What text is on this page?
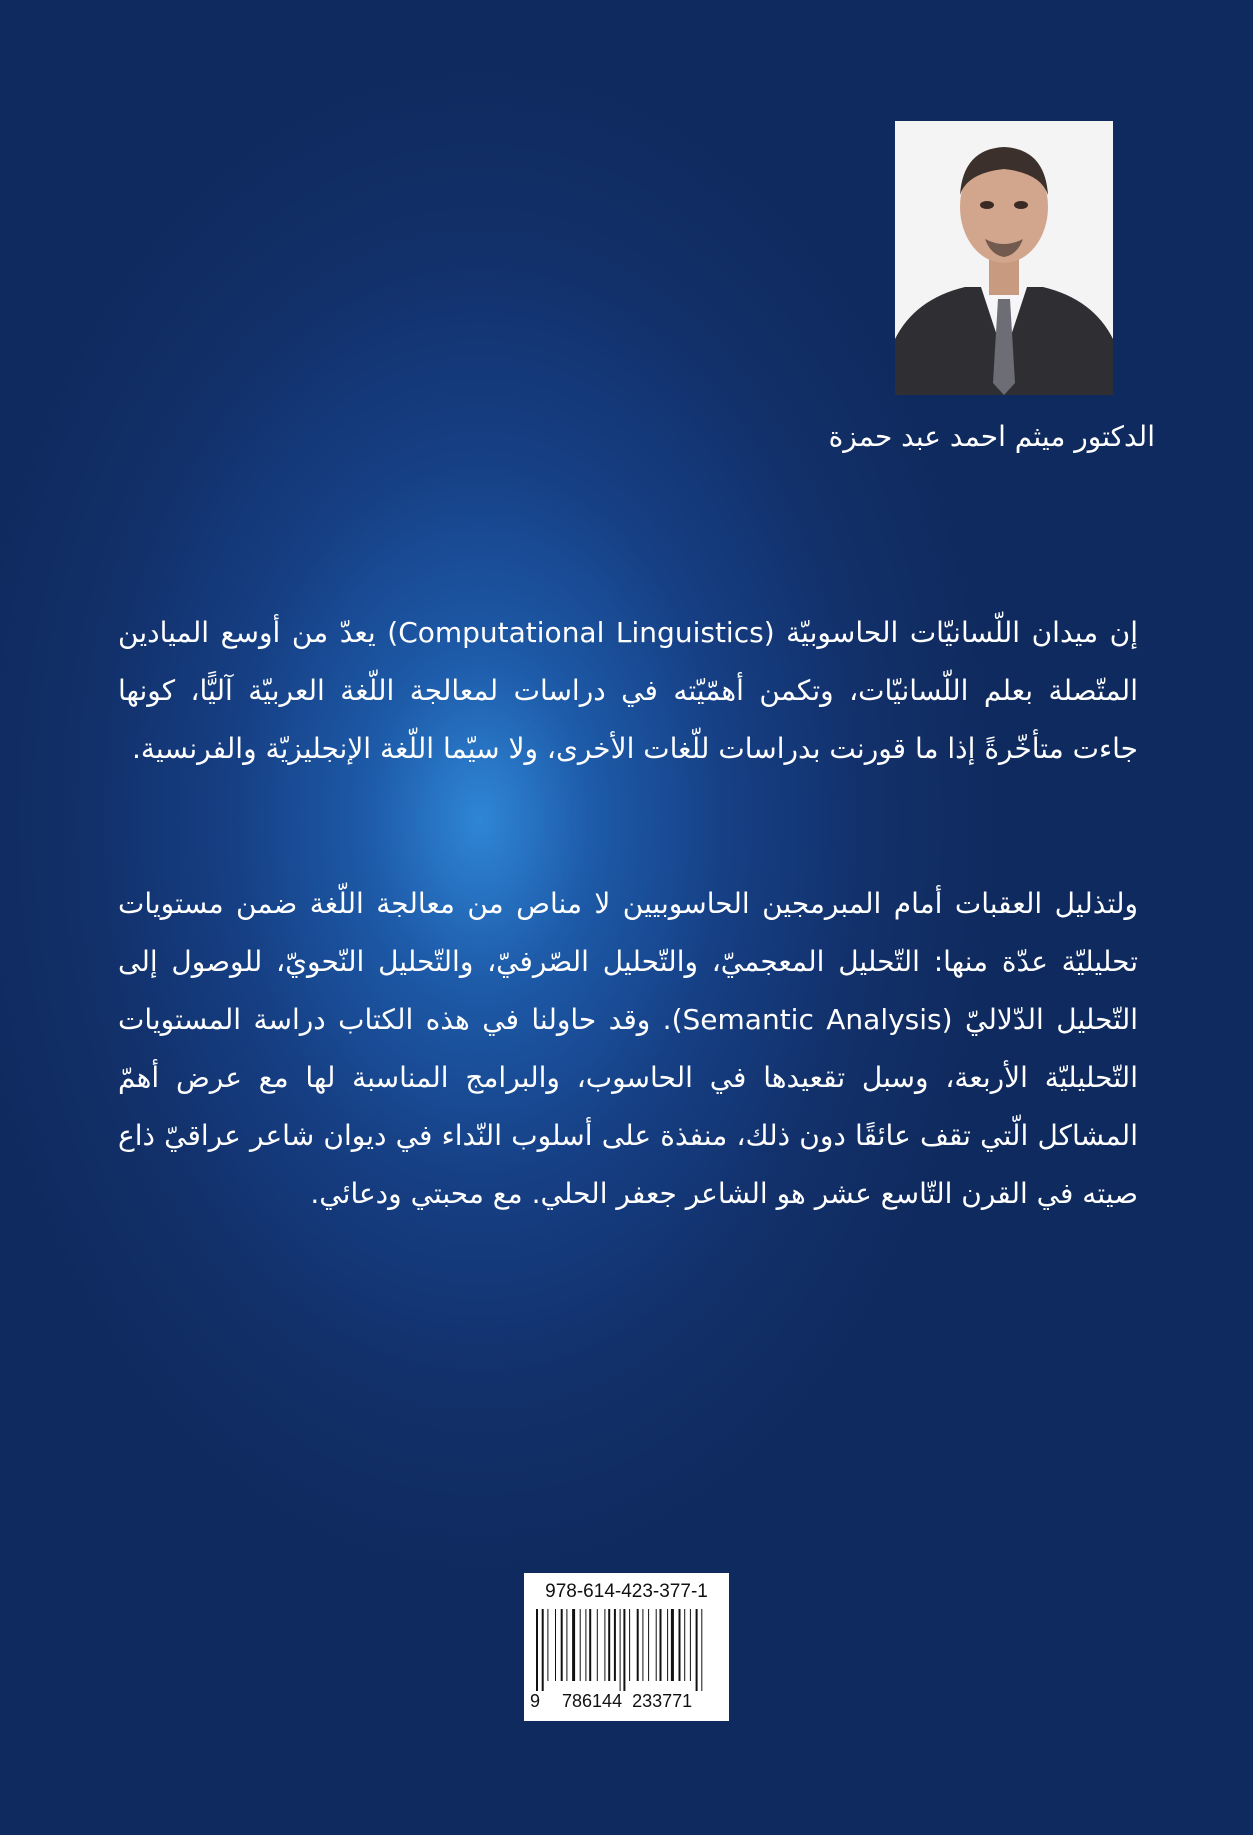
الدكتور ميثم احمد عبد حمزة

إن ميدان اللّسانيّات الحاسوبيّة (Computational Linguistics) يعدّ من أوسع الميادين المتّصلة بعلم اللّسانيّات، وتكمن أهمّيّته في دراسات لمعالجة اللّغة العربيّة آليًّا، كونها جاءت متأخّرةً إذا ما قورنت بدراسات للّغات الأخرى، ولا سيّما اللّغة الإنجليزيّة والفرنسية.

ولتذليل العقبات أمام المبرمجين الحاسوبيين لا مناص من معالجة اللّغة ضمن مستويات تحليليّة عدّة منها: التّحليل المعجميّ، والتّحليل الصّرفيّ، والتّحليل النّحويّ، للوصول إلى التّحليل الدّلاليّ (Semantic Analysis). وقد حاولنا في هذه الكتاب دراسة المستويات التّحليليّة الأربعة، وسبل تقعيدها في الحاسوب، والبرامج المناسبة لها مع عرض أهمّ المشاكل الّتي تقف عائقًا دون ذلك، منفذة على أسلوب النّداء في ديوان شاعر عراقيّ ذاع صيته في القرن التّاسع عشر هو الشاعر جعفر الحلي. مع محبتي ودعائي.

978-614-423-377-1
9 786144 233771
